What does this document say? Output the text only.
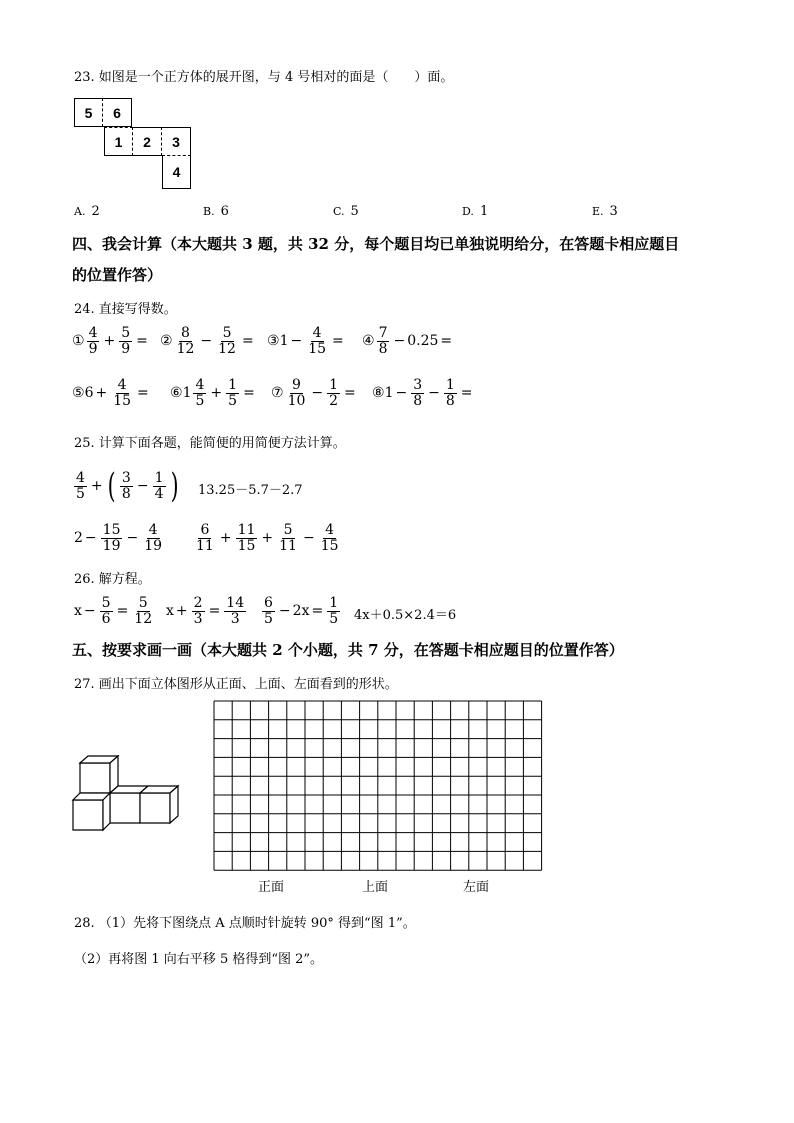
23. 如图是一个正方体的展开图，与 4 号相对的面是（　　）面。
5	6
1	2	3
4
A. 2	B. 6	C. 5	D. 1	E. 3
四、我会计算（本大题共 3 题，共 32 分，每个题目均已单独说明给分，在答题卡相应题目
的位置作答）
24. 直接写得数。
①
4
$9 + \frac{5}{9}$ = ②
8
$12 - \frac{5}{12}$ = ③ $1 - \frac{4}{15}$ = ④
7
8 − 0.25 =
⑤ $6 + \frac{4}{15}$ = ⑥ 1
4
$5 + \frac{1}{5}$ = ⑦
9
$10 - \frac{1}{2}$ = ⑧ $1 - \frac{3}{8} - \frac{1}{8}$ =
25. 计算下面各题，能简便的用简便方法计算。
4
5 + ( 3
$8 - \frac{1}{4}$ ) 13.25－5.7－2.7
$2 - \frac{15}{19} - \frac{4}{19}$	6
$11 + \frac{11}{15} + \frac{5}{11} - \frac{4}{15}$
26. 解方程。
$x - \frac{5}{6} = \frac{5}{12}$ $x + \frac{2}{3} = \frac{14}{3} 6$
$5 - 2x = \frac{1}{5} 4x+0.5\times 2.4=6$
五、按要求画一画（本大题共 2 个小题，共 7 分，在答题卡相应题目的位置作答）
27. 画出下面立体图形从正面、上面、左面看到的形状。
正面	上面	左面
28. （1）先将下图绕点 A 点顺时针旋转 90° 得到“图 1”。
（2）再将图 1 向右平移 5 格得到“图 2”。
